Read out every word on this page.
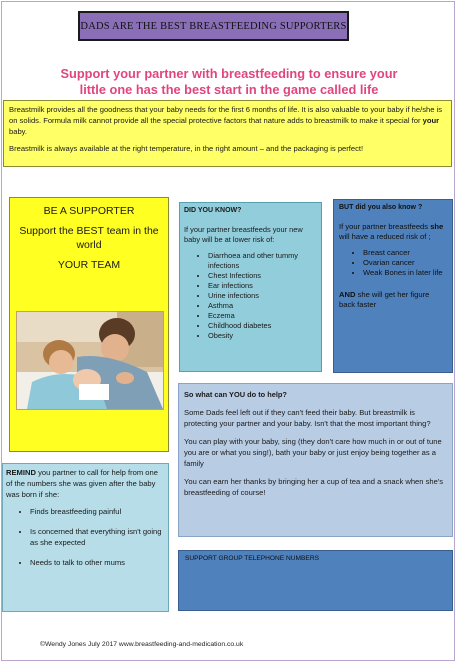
DADS ARE THE BEST BREASTFEEDING SUPPORTERS
Support your partner with breastfeeding to ensure your
little one has the best start in the game called life

Breastmilk provides all the goodness that your baby needs for the first 6 months of life. It is also valuable to your baby if he/she is on solids. Formula milk cannot provide all the special protective factors that nature adds to breastmilk to make it special for your baby.

Breastmilk is always available at the right temperature, in the right amount – and the packaging is perfect!

BE A SUPPORTER
Support the BEST team in the world
YOUR TEAM
DID YOU KNOW?
If your partner breastfeeds your new baby will be at lower risk of:
• Diarrhoea and other tummy infections
• Chest Infections
• Ear infections
• Urine infections
• Asthma
• Eczema
• Childhood diabetes
• Obesity
BUT did you also know ?
If your partner breastfeeds she will have a reduced risk of ;
• Breast cancer
• Ovarian cancer
• Weak Bones in later life
AND she will get her figure back faster
So what can YOU do to help?

Some Dads feel left out if they can't feed their baby. But breastmilk is protecting your partner and your baby. Isn't that the most important thing?

You can play with your baby, sing (they don't care how much in or out of tune you are or what you sing!), bath your baby or just enjoy being together as a family

You can earn her thanks by bringing her a cup of tea and a snack when she's breastfeeding of course!

REMIND you partner to call for help from one of the numbers she was given after the baby was born if she:
• Finds breastfeeding painful
• Is concerned that everything isn't going as she expected
• Needs to talk to other mums	SUPPORT GROUP TELEPHONE NUMBERS
©Wendy Jones July 2017 www.breastfeeding-and-medication.co.uk
